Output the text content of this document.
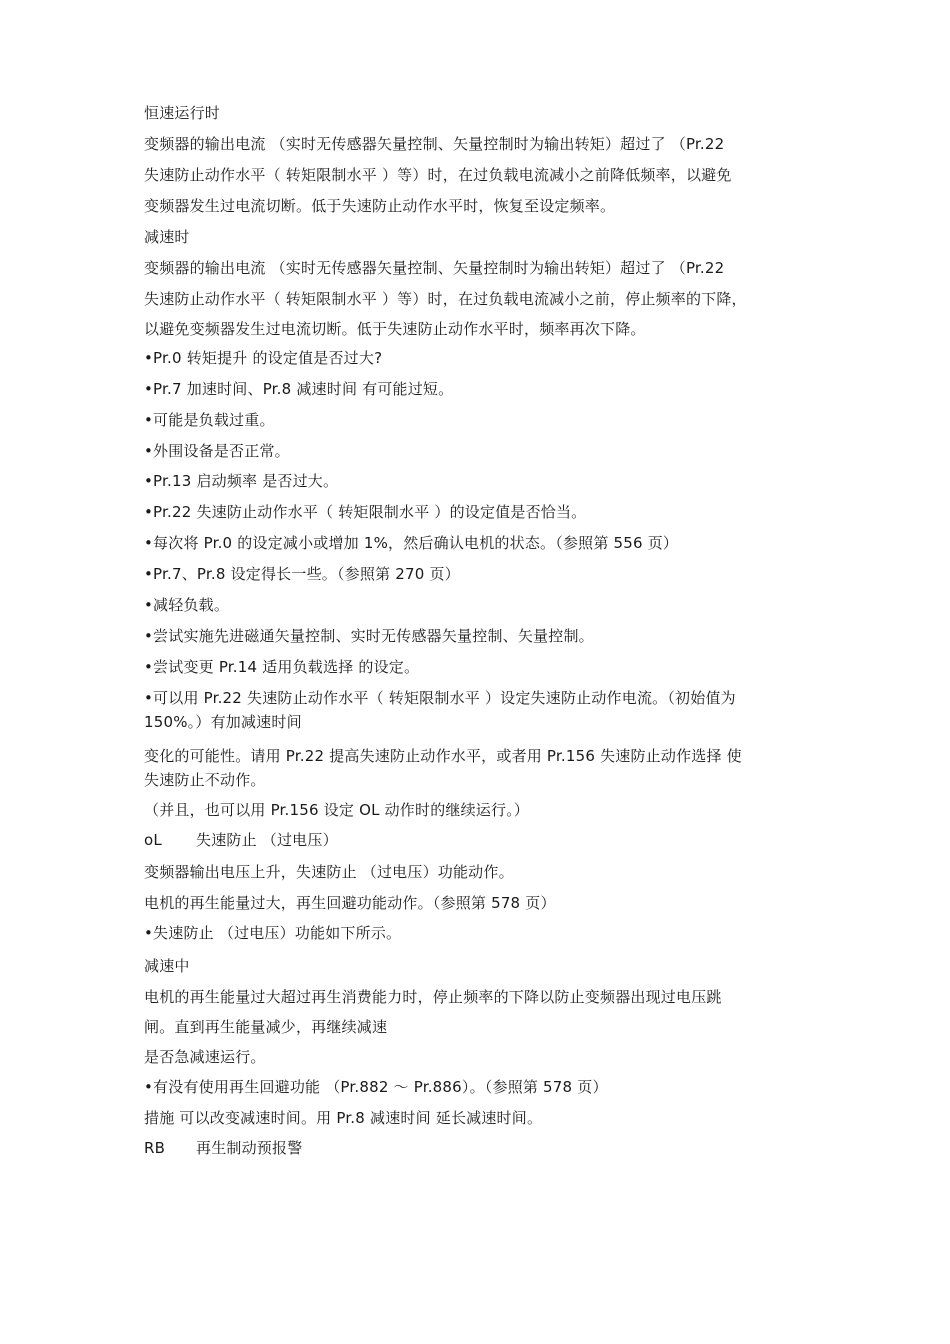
恒速运行时
变频器的输出电流 （实时无传感器矢量控制、矢量控制时为输出转矩）超过了 （Pr.22
失速防止动作水平（ 转矩限制水平 ）等）时，在过负载电流减小之前降低频率，以避免
变频器发生过电流切断。低于失速防止动作水平时，恢复至设定频率。
减速时
变频器的输出电流 （实时无传感器矢量控制、矢量控制时为输出转矩）超过了 （Pr.22
失速防止动作水平（ 转矩限制水平 ）等）时，在过负载电流减小之前，停止频率的下降，
以避免变频器发生过电流切断。低于失速防止动作水平时，频率再次下降。
•Pr.0 转矩提升 的设定值是否过大?
•Pr.7 加速时间、Pr.8 减速时间 有可能过短。
•可能是负载过重。
•外围设备是否正常。
•Pr.13 启动频率 是否过大。
•Pr.22 失速防止动作水平（ 转矩限制水平 ）的设定值是否恰当。
•每次将 Pr.0 的设定减小或增加 1%，然后确认电机的状态。（参照第 556 页）
•Pr.7、Pr.8 设定得长一些。（参照第 270 页）
•减轻负载。
•尝试实施先进磁通矢量控制、实时无传感器矢量控制、矢量控制。
•尝试变更 Pr.14 适用负载选择 的设定。
•可以用 Pr.22 失速防止动作水平（ 转矩限制水平 ）设定失速防止动作电流。（初始值为
150%。）有加减速时间
变化的可能性。请用 Pr.22 提高失速防止动作水平，或者用 Pr.156 失速防止动作选择 使
失速防止不动作。
（并且，也可以用 Pr.156 设定 OL 动作时的继续运行。）
oL 失速防止 （过电压）
变频器输出电压上升，失速防止 （过电压）功能动作。
电机的再生能量过大，再生回避功能动作。（参照第 578 页）
•失速防止 （过电压）功能如下所示。
减速中
电机的再生能量过大超过再生消费能力时，停止频率的下降以防止变频器出现过电压跳
闸。直到再生能量减少，再继续减速
是否急减速运行。
•有没有使用再生回避功能 （Pr.882 ～ Pr.886）。（参照第 578 页）
措施 可以改变减速时间。用 Pr.8 减速时间 延长减速时间。
RB 再生制动预报警
